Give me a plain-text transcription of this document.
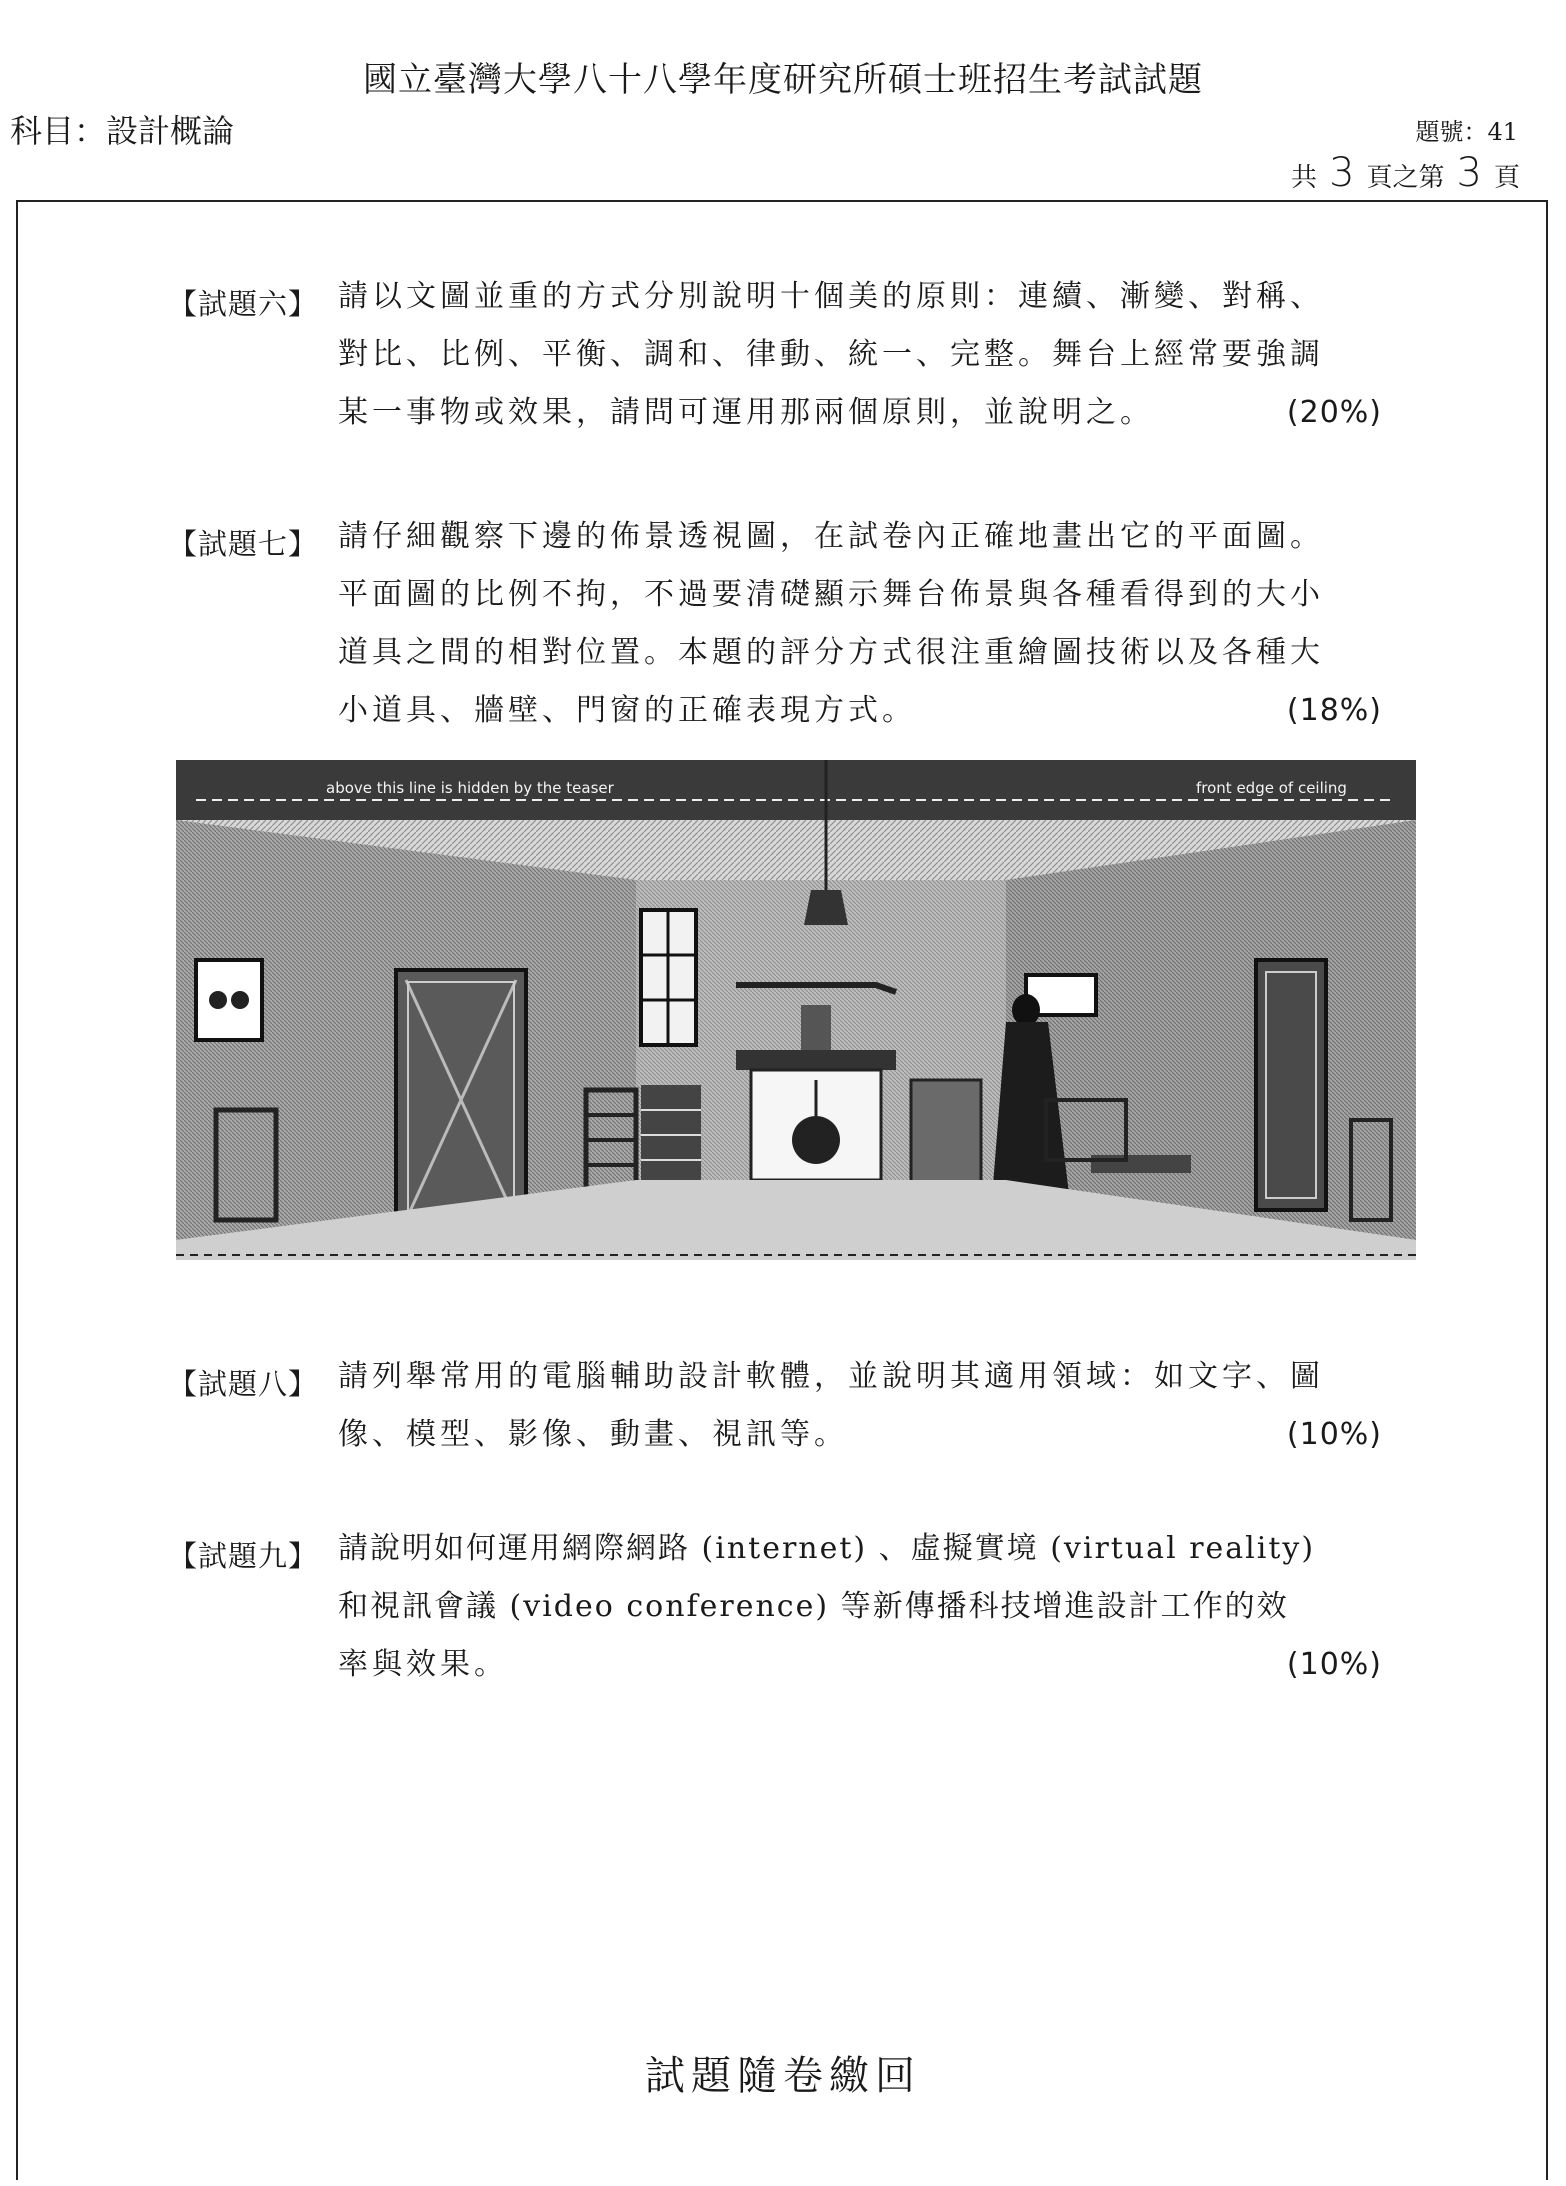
國立臺灣大學八十八學年度研究所碩士班招生考試試題
科目：設計概論	題號：41
共 3 頁之第 3 頁
【試題六】 請以文圖並重的方式分別說明十個美的原則：連續、漸變、對稱、
對比、比例、平衡、調和、律動、統一、完整。舞台上經常要強調
某一事物或效果，請問可運用那兩個原則，並說明之。	(20%)
【試題七】 請仔細觀察下邊的佈景透視圖，在試卷內正確地畫出它的平面圖。
平面圖的比例不拘，不過要清礎顯示舞台佈景與各種看得到的大小
道具之間的相對位置。本題的評分方式很注重繪圖技術以及各種大
小道具、牆壁、門窗的正確表現方式。	(18%)
above this line is hidden by the teaser	front edge of ceiling
【試題八】 請列舉常用的電腦輔助設計軟體，並說明其適用領域：如文字、圖
像、模型、影像、動畫、視訊等。	(10%)
【試題九】 請說明如何運用網際網路 (internet) 、虛擬實境 (virtual reality)
和視訊會議 (video conference) 等新傳播科技增進設計工作的效
率與效果。	(10%)
試題隨卷繳回
